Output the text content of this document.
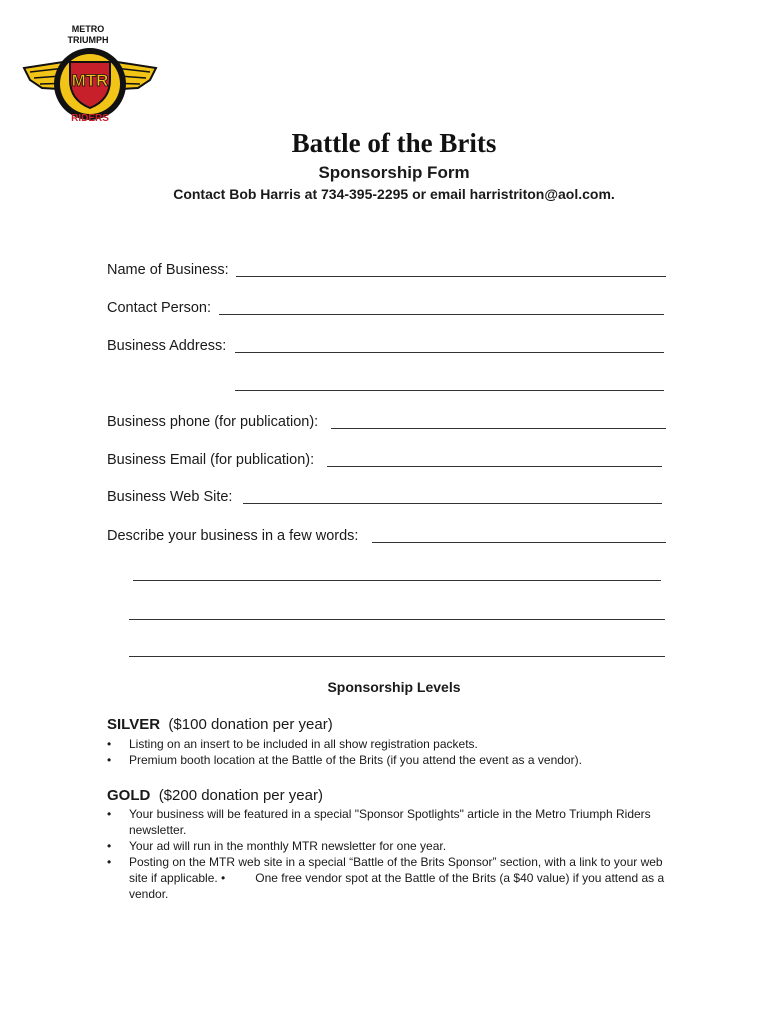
MTR
RIDERS
METRO
TRIUMPH
Battle of the Brits
Sponsorship Form
Contact Bob Harris at 734-395-2295 or email harristriton@aol.com.
Name of Business:
Contact Person:
Business Address:
Business phone (for publication):
Business Email (for publication):
Business Web Site:
Describe your business in a few words:
Sponsorship Levels
SILVER ($100 donation per year)
• Listing on an insert to be included in all show registration packets.
• Premium booth location at the Battle of the Brits (if you attend the event as a vendor).
GOLD ($200 donation per year)
• Your business will be featured in a special "Sponsor Spotlights" article in the Metro Triumph Riders newsletter.
• Your ad will run in the monthly MTR newsletter for one year.
• Posting on the MTR web site in a special “Battle of the Brits Sponsor” section, with a link to your web site if applicable. •         One free vendor spot at the Battle of the Brits (a $40 value) if you attend as a vendor.
